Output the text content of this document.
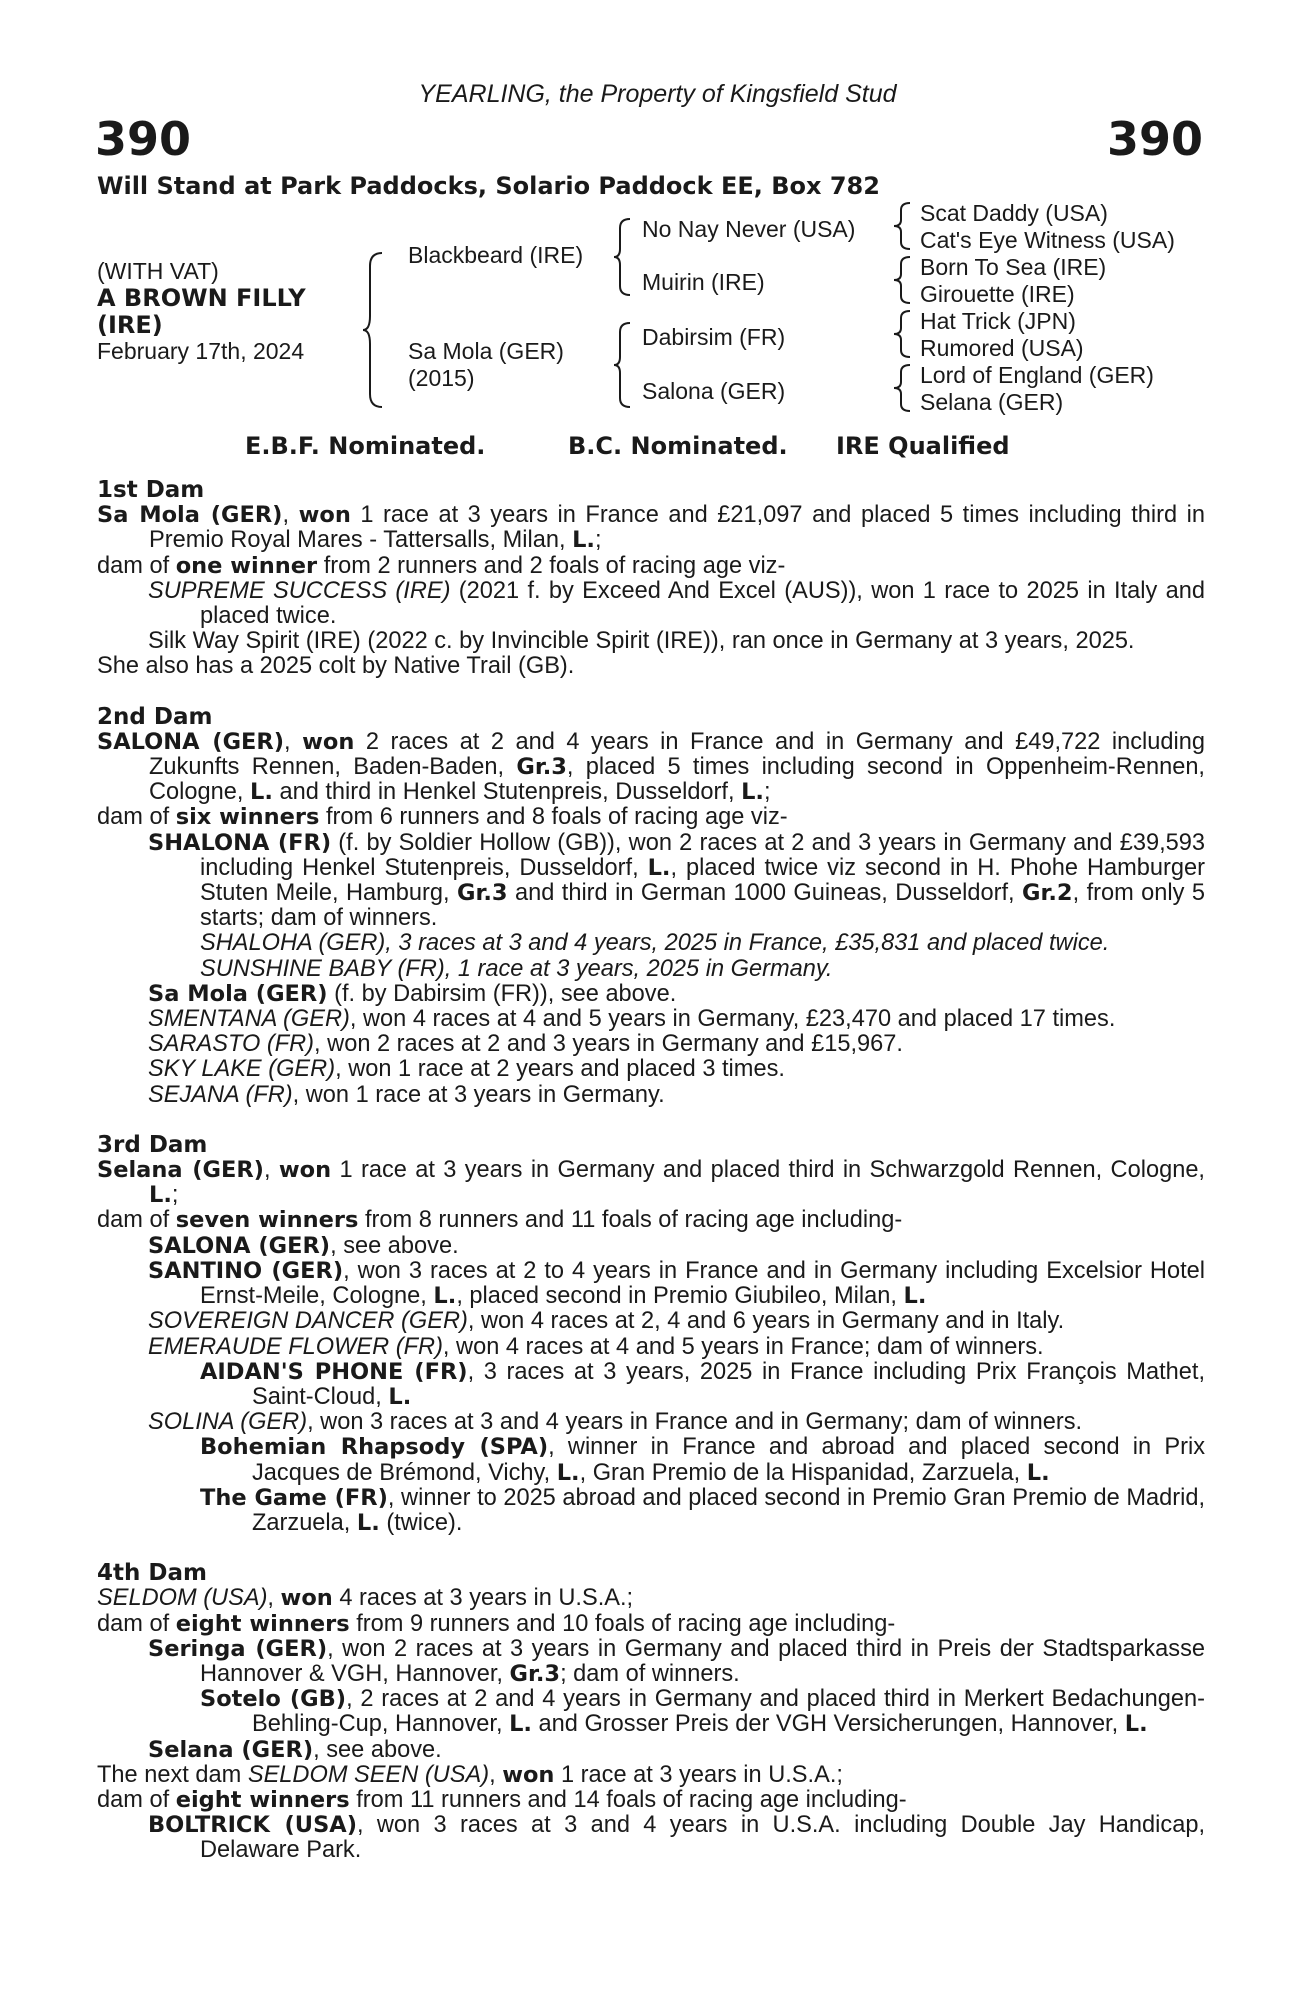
YEARLING, the Property of Kingsfield Stud
390	390
Will Stand at Park Paddocks, Solario Paddock EE, Box 782
(WITH VAT)
A BROWN FILLY
(IRE)
February 17th, 2024
Blackbeard (IRE)
Sa Mola (GER)
(2015)
No Nay Never (USA)
Muirin (IRE)
Dabirsim (FR)
Salona (GER)
Scat Daddy (USA)
Cat's Eye Witness (USA)
Born To Sea (IRE)
Girouette (IRE)
Hat Trick (JPN)
Rumored (USA)
Lord of England (GER)
Selana (GER)
E.B.F. Nominated.	B.C. Nominated. IRE Qualified

1st Dam

Sa Mola (GER), won 1 race at 3 years in France and £21,097 and placed 5 times including third in Premio Royal Mares - Tattersalls, Milan, L.;

dam of one winner from 2 runners and 2 foals of racing age viz-

SUPREME SUCCESS (IRE) (2021 f. by Exceed And Excel (AUS)), won 1 race to 2025 in Italy and placed twice.

Silk Way Spirit (IRE) (2022 c. by Invincible Spirit (IRE)), ran once in Germany at 3 years, 2025.

She also has a 2025 colt by Native Trail (GB).

2nd Dam

SALONA (GER), won 2 races at 2 and 4 years in France and in Germany and £49,722 including Zukunfts Rennen, Baden-Baden, Gr.3, placed 5 times including second in Oppenheim-Rennen, Cologne, L. and third in Henkel Stutenpreis, Dusseldorf, L.;

dam of six winners from 6 runners and 8 foals of racing age viz-

SHALONA (FR) (f. by Soldier Hollow (GB)), won 2 races at 2 and 3 years in Germany and £39,593 including Henkel Stutenpreis, Dusseldorf, L., placed twice viz second in H. Phohe Hamburger Stuten Meile, Hamburg, Gr.3 and third in German 1000 Guineas, Dusseldorf, Gr.2, from only 5 starts; dam of winners.

SHALOHA (GER), 3 races at 3 and 4 years, 2025 in France, £35,831 and placed twice.

SUNSHINE BABY (FR), 1 race at 3 years, 2025 in Germany.

Sa Mola (GER) (f. by Dabirsim (FR)), see above.

SMENTANA (GER), won 4 races at 4 and 5 years in Germany, £23,470 and placed 17 times.

SARASTO (FR), won 2 races at 2 and 3 years in Germany and £15,967.

SKY LAKE (GER), won 1 race at 2 years and placed 3 times.

SEJANA (FR), won 1 race at 3 years in Germany.

3rd Dam

Selana (GER), won 1 race at 3 years in Germany and placed third in Schwarzgold Rennen, Cologne, L.;

dam of seven winners from 8 runners and 11 foals of racing age including-

SALONA (GER), see above.

SANTINO (GER), won 3 races at 2 to 4 years in France and in Germany including Excelsior Hotel Ernst-Meile, Cologne, L., placed second in Premio Giubileo, Milan, L.

SOVEREIGN DANCER (GER), won 4 races at 2, 4 and 6 years in Germany and in Italy.

EMERAUDE FLOWER (FR), won 4 races at 4 and 5 years in France; dam of winners.

AIDAN'S PHONE (FR), 3 races at 3 years, 2025 in France including Prix François Mathet, Saint-Cloud, L.

SOLINA (GER), won 3 races at 3 and 4 years in France and in Germany; dam of winners.

Bohemian Rhapsody (SPA), winner in France and abroad and placed second in Prix Jacques de Brémond, Vichy, L., Gran Premio de la Hispanidad, Zarzuela, L.

The Game (FR), winner to 2025 abroad and placed second in Premio Gran Premio de Madrid, Zarzuela, L. (twice).

4th Dam

SELDOM (USA), won 4 races at 3 years in U.S.A.;

dam of eight winners from 9 runners and 10 foals of racing age including-

Seringa (GER), won 2 races at 3 years in Germany and placed third in Preis der Stadtsparkasse Hannover & VGH, Hannover, Gr.3; dam of winners.

Sotelo (GB), 2 races at 2 and 4 years in Germany and placed third in Merkert Bedachungen-Behling-Cup, Hannover, L. and Grosser Preis der VGH Versicherungen, Hannover, L.

Selana (GER), see above.

The next dam SELDOM SEEN (USA), won 1 race at 3 years in U.S.A.;

dam of eight winners from 11 runners and 14 foals of racing age including-

BOLTRICK (USA), won 3 races at 3 and 4 years in U.S.A. including Double Jay Handicap, Delaware Park.
